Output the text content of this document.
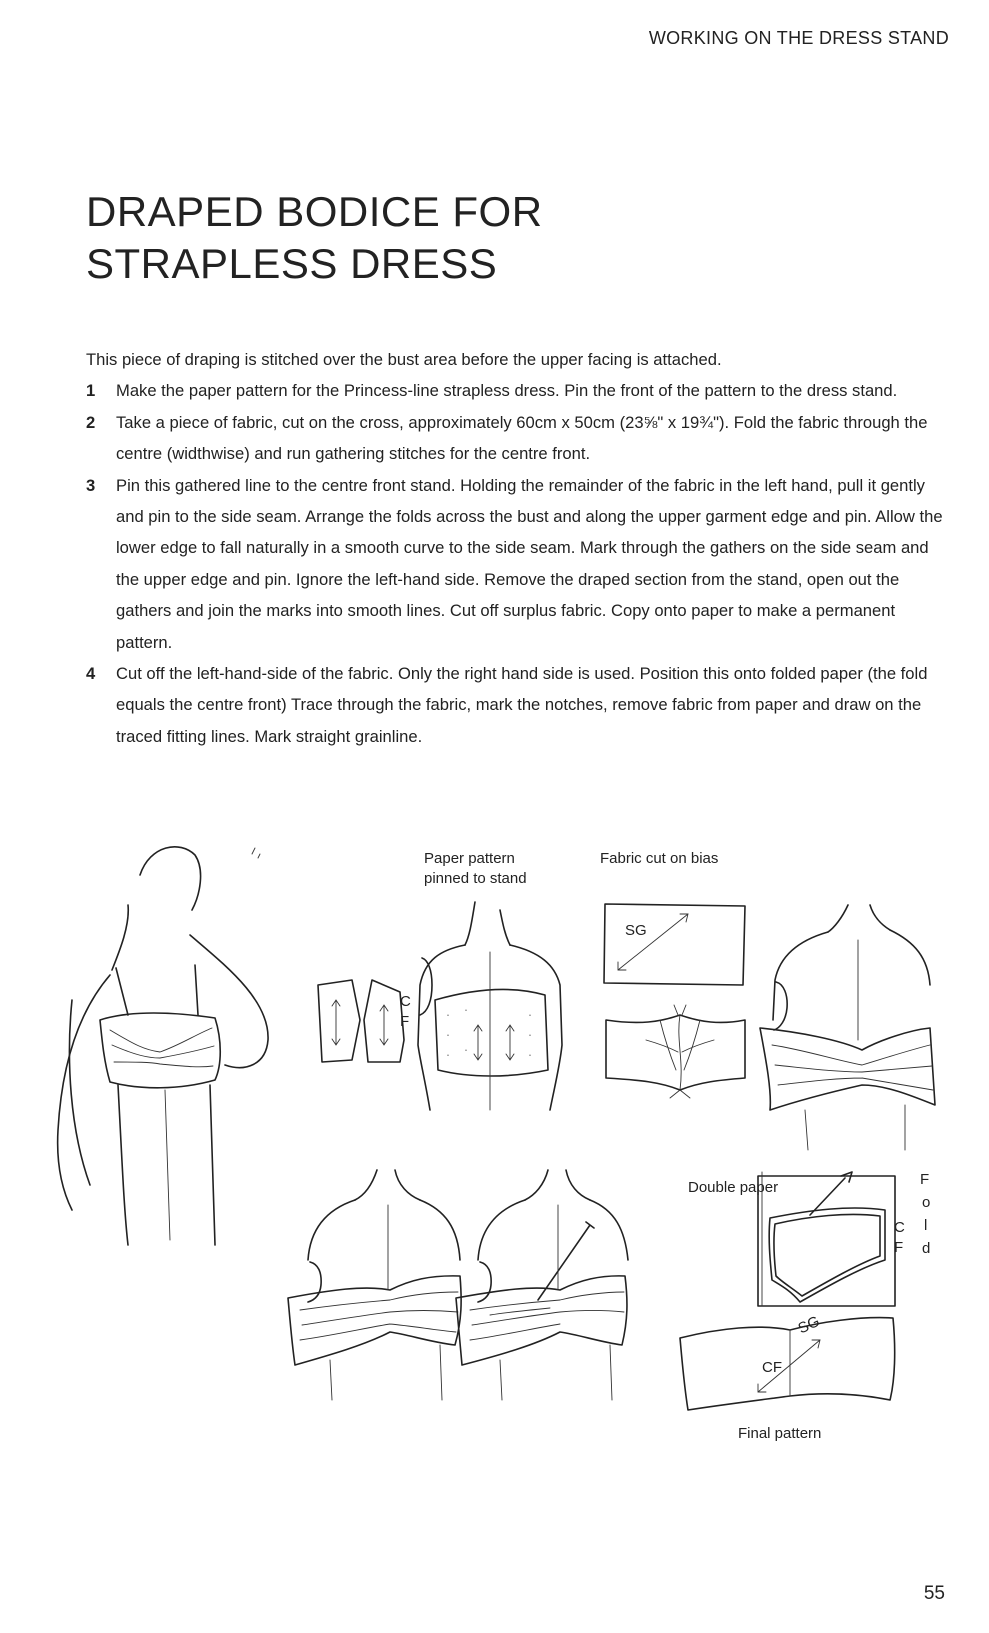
WORKING ON THE DRESS STAND
DRAPED BODICE FOR
STRAPLESS DRESS

This piece of draping is stitched over the bust area before the upper facing is attached.

1 Make the paper pattern for the Princess-line strapless dress. Pin the front of the pattern to the dress stand.
2 Take a piece of fabric, cut on the cross, approximately 60cm x 50cm (23⅝" x 19¾"). Fold the fabric through the centre (widthwise) and run gathering stitches for the centre front.
3 Pin this gathered line to the centre front stand. Holding the remainder of the fabric in the left hand, pull it gently and pin to the side seam. Arrange the folds across the bust and along the upper garment edge and pin. Allow the lower edge to fall naturally in a smooth curve to the side seam. Mark through the gathers on the side seam and the upper edge and pin. Ignore the left-hand side. Remove the draped section from the stand, open out the gathers and join the marks into smooth lines. Cut off surplus fabric. Copy onto paper to make a permanent pattern.
4 Cut off the left-hand-side of the fabric. Only the right hand side is used. Position this onto folded paper (the fold equals the centre front) Trace through the fabric, mark the notches, remove fabric from paper and draw on the traced fitting lines. Mark straight grainline.
C
F
Paper pattern
pinned to stand
Fabric cut on bias
SG
Double paper
C
F
F
o
l
d
CF
SG
Final pattern
55
